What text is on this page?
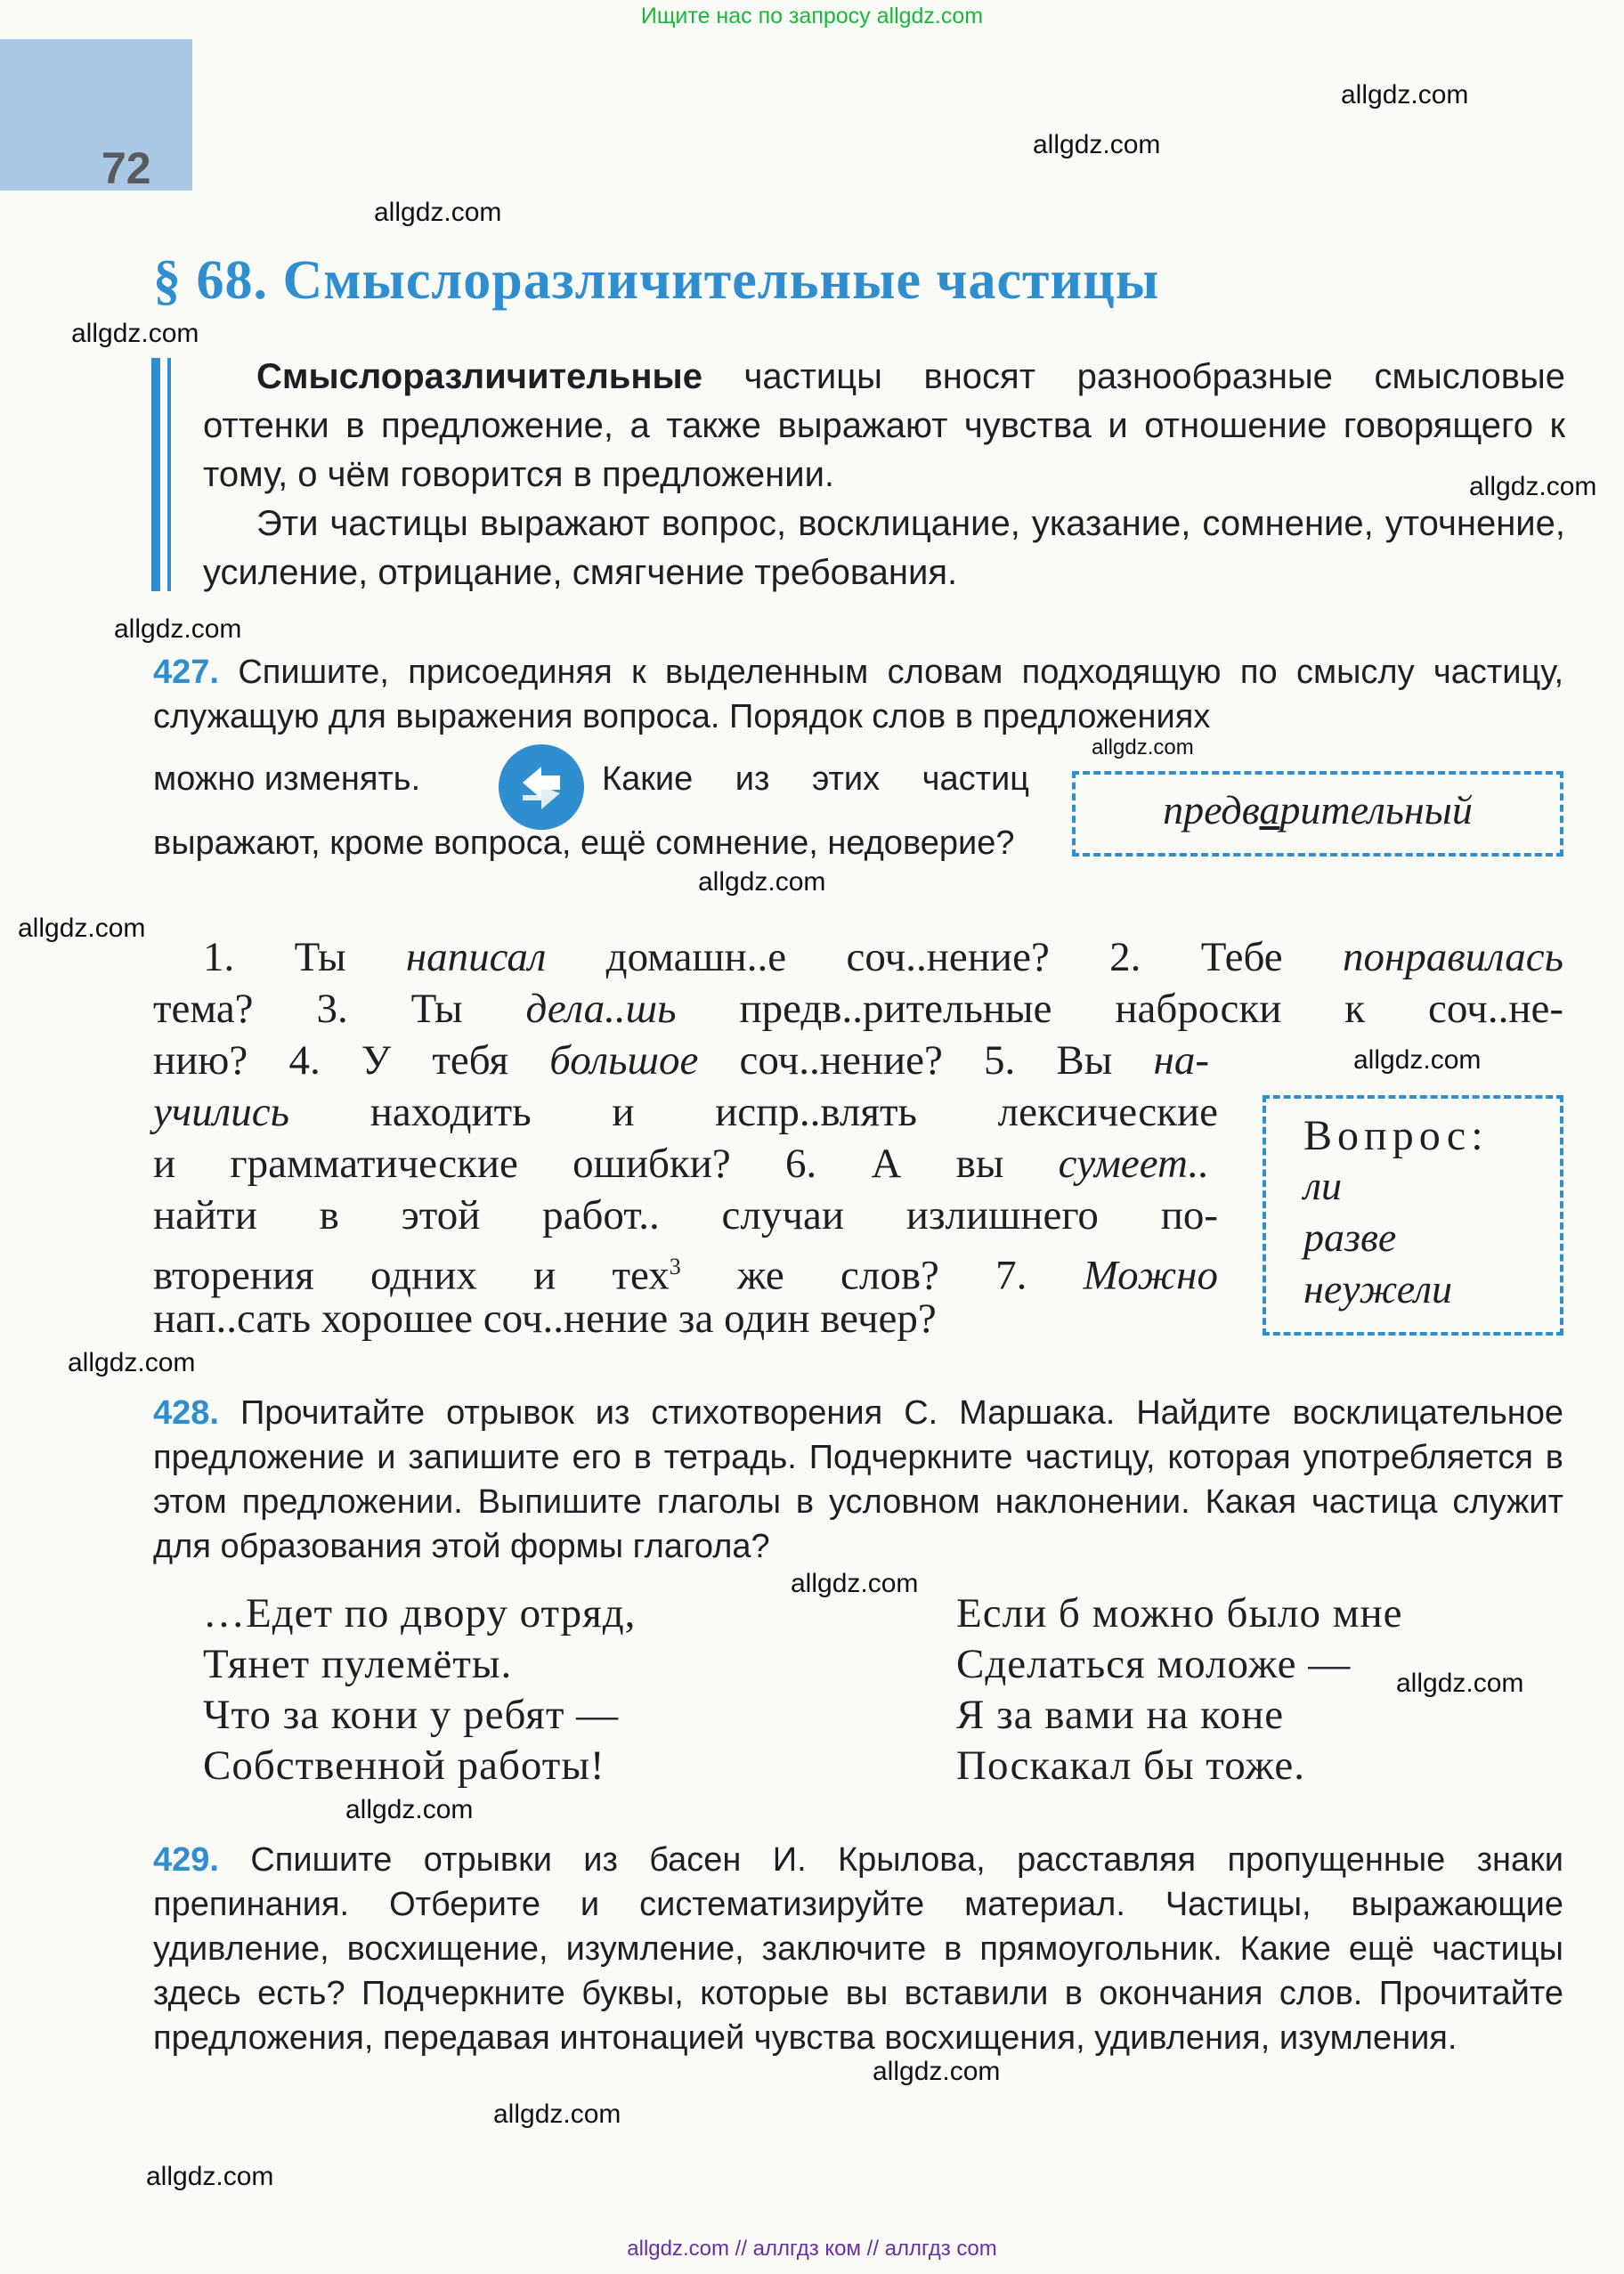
72
Ищите нас по запросу allgdz.com
§ 68. Смыслоразличительные частицы
Смыслоразличительные частицы вносят разнообразные смысловые оттенки в предложение, а также выражают чувства и отношение говорящего к тому, о чём говорится в предложении.
Эти частицы выражают вопрос, восклицание, указание, сомнение, уточнение, усиление, отрицание, смягчение требования.
427. Спишите, присоединяя к выделенным словам подходящую по смыслу частицу, служащую для выражения вопроса. Порядок слов в предложениях
можно изменять.	Какие из этих частиц
выражают, кроме вопроса, ещё сомнение, недоверие?
предварительный
1. Ты написал домашн..е соч..нение? 2. Тебе понравилась
тема? 3. Ты дела..шь предв..рительные наброски к соч..не-
нию? 4. У тебя большое соч..нение? 5. Вы на-
учились находить и испр..влять лексические
и грамматические ошибки? 6. А вы сумеет..
найти в этой работ.. случаи излишнего по-
вторения одних и тех$^3$ же слов? 7. Можно
нап..сать хорошее соч..нение за один вечер?
Вопрос:
ли
разве
неужели
428. Прочитайте отрывок из стихотворения С. Маршака. Найдите восклицательное предложение и запишите его в тетрадь. Подчеркните частицу, которая употребляется в этом предложении. Выпишите глаголы в условном наклонении. Какая частица служит для образования этой формы глагола?
…Едет по двору отряд,
Тянет пулемёты.
Что за кони у ребят —
Собственной работы!
Если б можно было мне
Сделаться моложе —
Я за вами на коне
Поскакал бы тоже.
429. Спишите отрывки из басен И. Крылова, расставляя пропущенные знаки препинания. Отберите и систематизируйте материал. Частицы, выражающие удивление, восхищение, изумление, заключите в прямоугольник. Какие ещё частицы здесь есть? Подчеркните буквы, которые вы вставили в окончания слов. Прочитайте предложения, передавая интонацией чувства восхищения, удивления, изумления.
allgdz.com
allgdz.com
allgdz.com
allgdz.com
allgdz.com
allgdz.com
allgdz.com
allgdz.com
allgdz.com
allgdz.com
allgdz.com
allgdz.com
allgdz.com
allgdz.com
allgdz.com
allgdz.com
allgdz.com
allgdz.com // аллгдз ком // аллгдз com
